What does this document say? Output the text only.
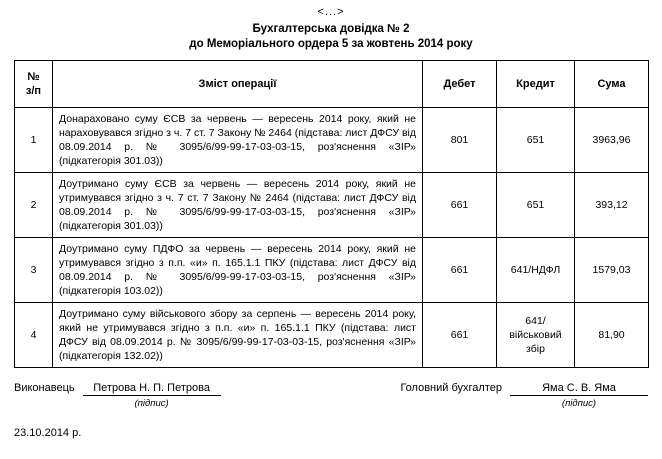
<...>
Бухгалтерська довідка № 2
до Меморіального ордера 5 за жовтень 2014 року
№
з/п	Зміст операції	Дебет	Кредит	Сума
1	Донараховано суму ЄСВ за червень — вересень 2014 року, який не нараховувався згідно з ч. 7 ст. 7 Закону № 2464 (підстава: лист ДФСУ від 08.09.2014 р. № 3095/6/99-99-17-03-03-15, роз'яснення «ЗІР» (підкатегорія 301.03))	801	651	3963,96
2	Доутримано суму ЄСВ за червень — вересень 2014 року, який не утримувався згідно з ч. 7 ст. 7 Закону № 2464 (підстава: лист ДФСУ від 08.09.2014 р. № 3095/6/99-99-17-03-03-15, роз'яснення «ЗІР» (підкатегорія 301.03))	661	651	393,12
3	Доутримано суму ПДФО за червень — вересень 2014 року, який не утримувався згідно з п.п. «и» п. 165.1.1 ПКУ (підстава: лист ДФСУ від 08.09.2014 р. № 3095/6/99-99-17-03-03-15, роз'яснення «ЗІР» (підкатегорія 103.02))	661	641/НДФЛ	1579,03
4	Доутримано суму військового збору за серпень — вересень 2014 року, який не утримувався згідно з п.п. «и» п. 165.1.1 ПКУ (підстава: лист ДФСУ від 08.09.2014 р. № 3095/6/99-99-17-03-03-15, роз'яснення «ЗІР» (підкатегорія 132.02))	661	641/ військовий збір	81,90
Виконавець	Петрова Н. П. Петрова
(підпис)
Головний бухгалтер	Яма С. В. Яма
(підпис)
23.10.2014 р.
